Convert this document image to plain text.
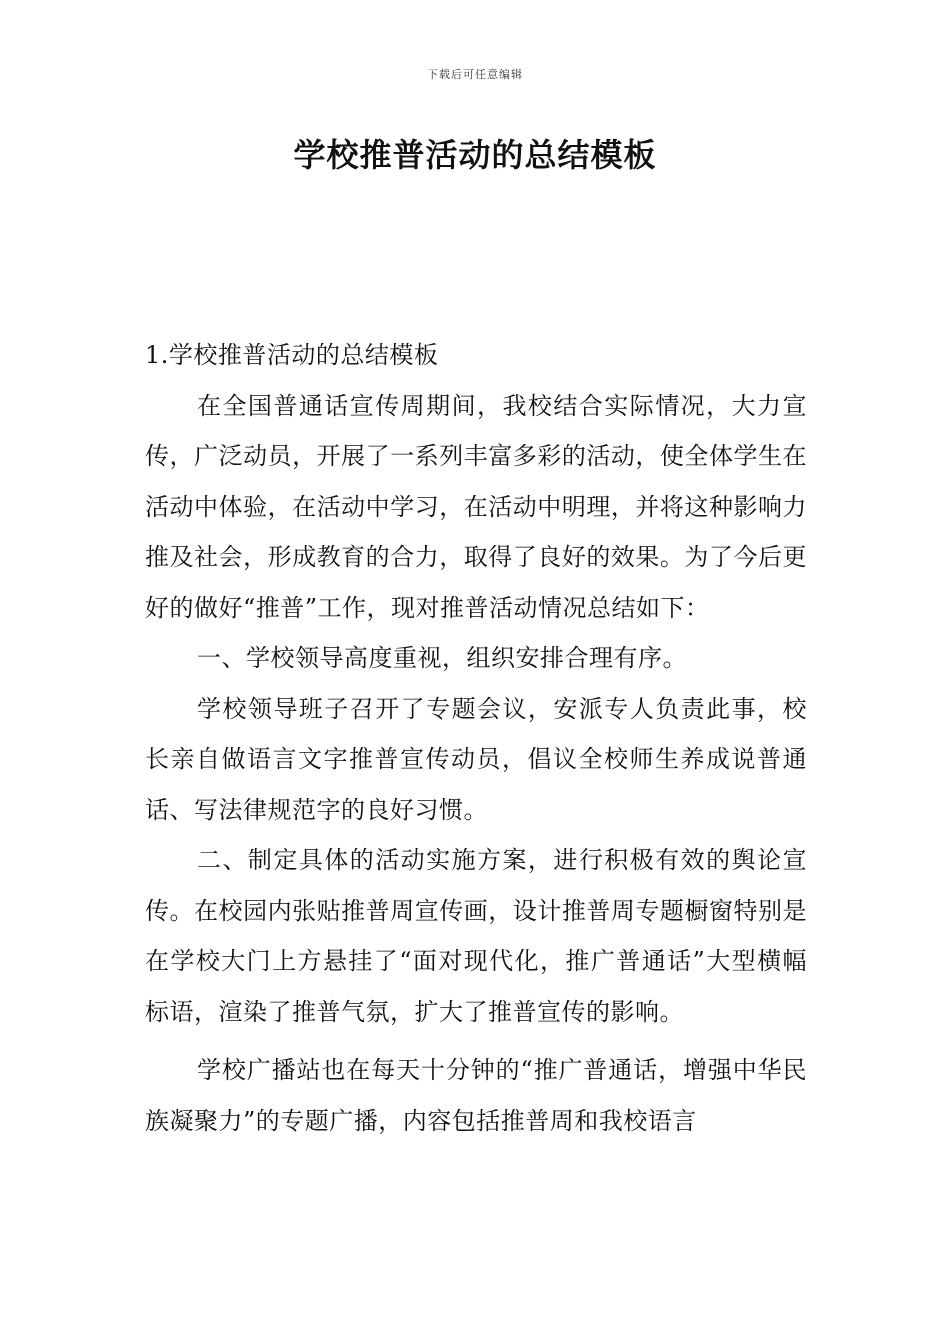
下载后可任意编辑
学校推普活动的总结模板

1.学校推普活动的总结模板

在全国普通话宣传周期间，我校结合实际情况，大力宣传，广泛动员，开展了一系列丰富多彩的活动，使全体学生在活动中体验，在活动中学习，在活动中明理，并将这种影响力推及社会，形成教育的合力，取得了良好的效果。为了今后更好的做好“推普”工作，现对推普活动情况总结如下：

一、学校领导高度重视，组织安排合理有序。

学校领导班子召开了专题会议，安派专人负责此事，校长亲自做语言文字推普宣传动员，倡议全校师生养成说普通话、写法律规范字的良好习惯。

二、制定具体的活动实施方案，进行积极有效的舆论宣传。在校园内张贴推普周宣传画，设计推普周专题橱窗特别是在学校大门上方悬挂了“面对现代化，推广普通话”大型横幅标语，渲染了推普气氛，扩大了推普宣传的影响。

学校广播站也在每天十分钟的“推广普通话，增强中华民族凝聚力”的专题广播，内容包括推普周和我校语言
